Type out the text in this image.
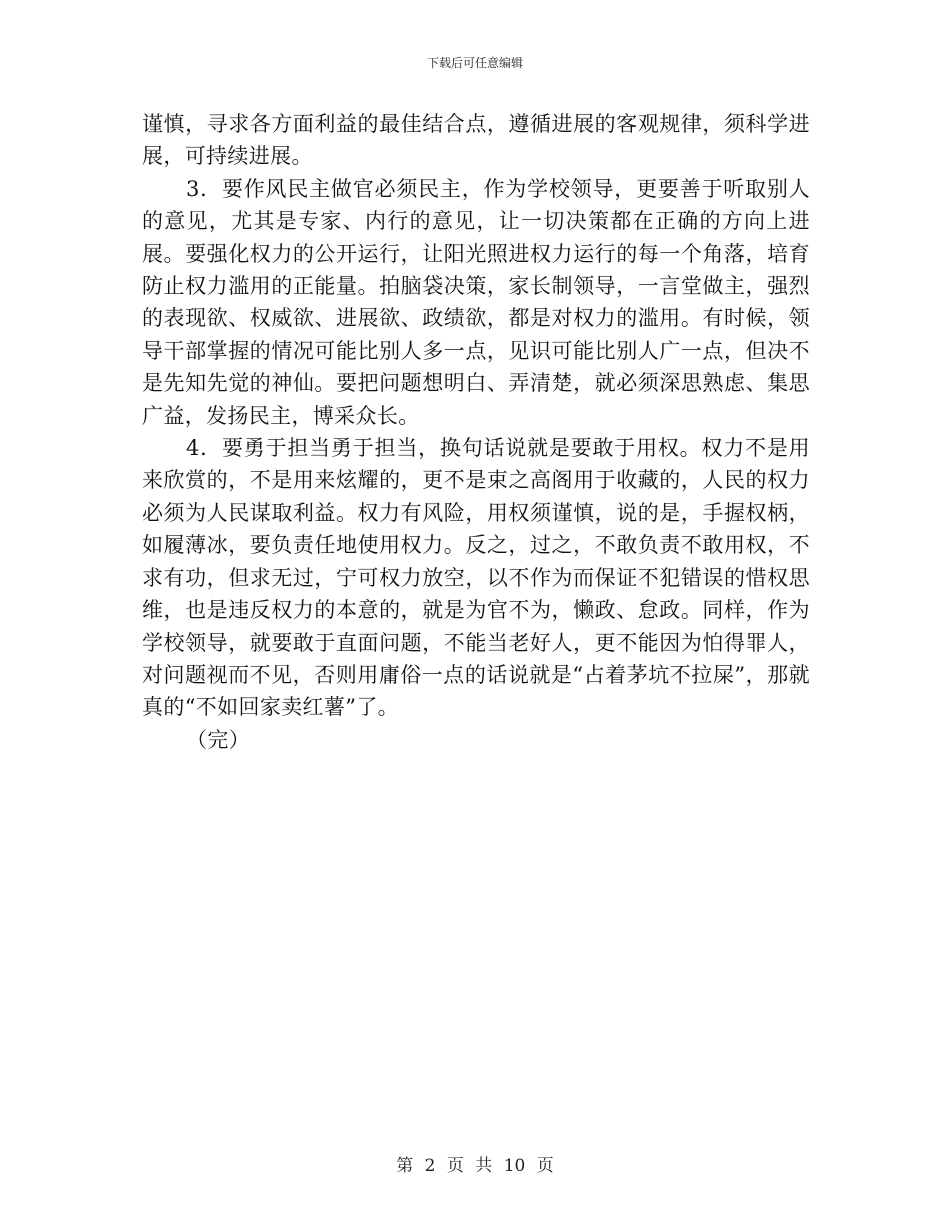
下载后可任意编辑

谨慎，寻求各方面利益的最佳结合点，遵循进展的客观规律，须科学进展，可持续进展。

3．要作风民主做官必须民主，作为学校领导，更要善于听取别人的意见，尤其是专家、内行的意见，让一切决策都在正确的方向上进展。要强化权力的公开运行，让阳光照进权力运行的每一个角落，培育防止权力滥用的正能量。拍脑袋决策，家长制领导，一言堂做主，强烈的表现欲、权威欲、进展欲、政绩欲，都是对权力的滥用。有时候，领导干部掌握的情况可能比别人多一点，见识可能比别人广一点，但决不是先知先觉的神仙。要把问题想明白、弄清楚，就必须深思熟虑、集思广益，发扬民主，博采众长。

4．要勇于担当勇于担当，换句话说就是要敢于用权。权力不是用来欣赏的，不是用来炫耀的，更不是束之高阁用于收藏的，人民的权力必须为人民谋取利益。权力有风险，用权须谨慎，说的是，手握权柄，如履薄冰，要负责任地使用权力。反之，过之，不敢负责不敢用权，不求有功，但求无过，宁可权力放空，以不作为而保证不犯错误的惜权思维，也是违反权力的本意的，就是为官不为，懒政、怠政。同样，作为学校领导，就要敢于直面问题，不能当老好人，更不能因为怕得罪人，对问题视而不见，否则用庸俗一点的话说就是“占着茅坑不拉屎”，那就真的“不如回家卖红薯”了。

（完）

第 2 页 共 10 页
